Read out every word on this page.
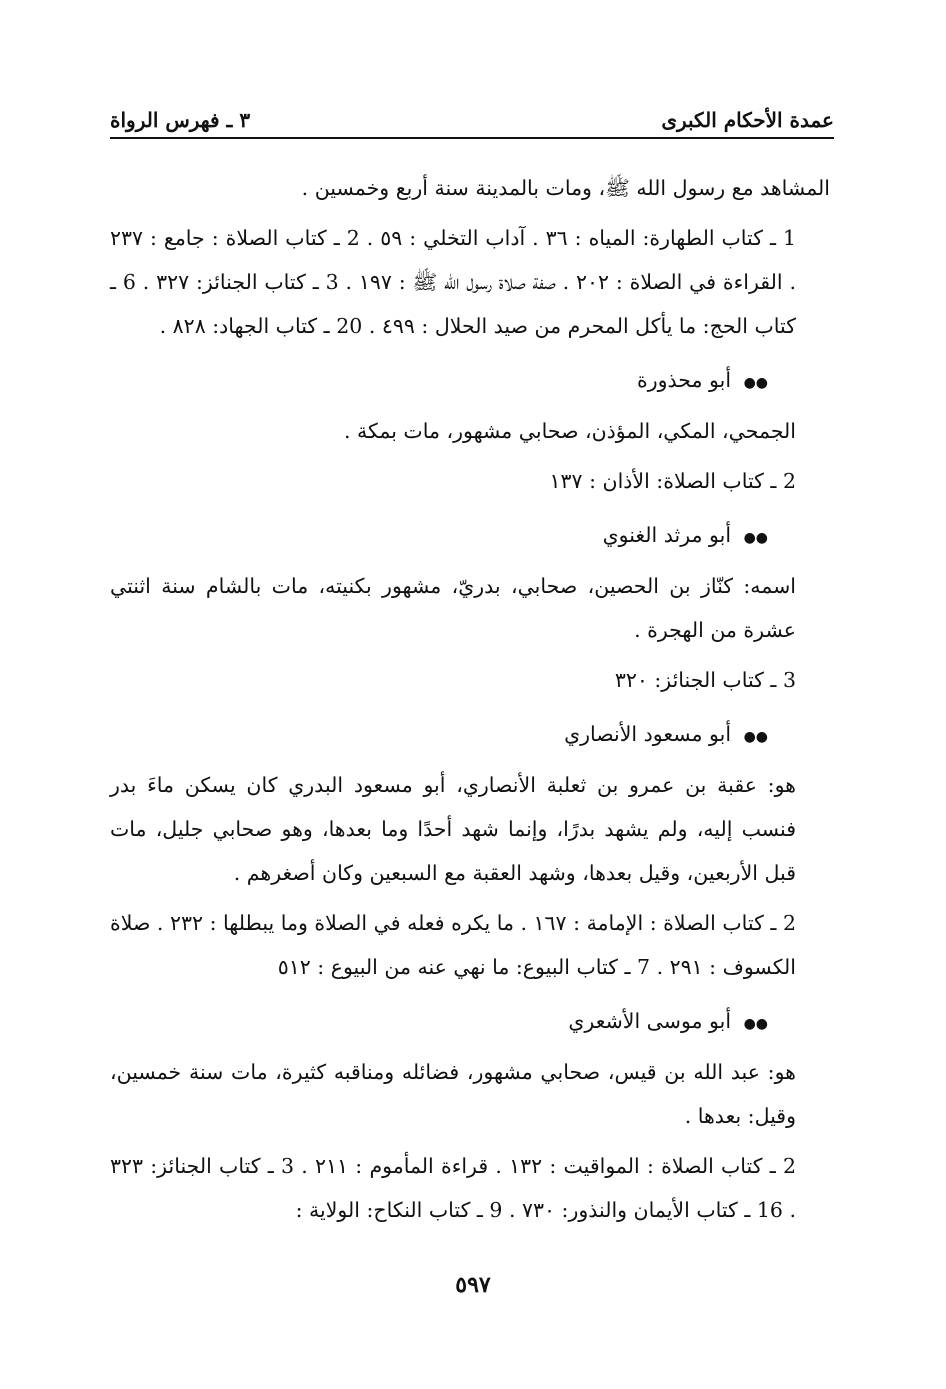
عمدة الأحكام الكبرى
٣ ـ فهرس الرواة

المشاهد مع رسول الله ﷺ، ومات بالمدينة سنة أربع وخمسين .

1 ـ كتاب الطهارة: المياه : ٣٦ . آداب التخلي : ٥٩ . 2 ـ كتاب الصلاة : جامع : ٢٣٧ . القراءة في الصلاة : ٢٠٢ . صفة صلاة رسول الله ﷺ : ١٩٧ . 3 ـ كتاب الجنائز: ٣٢٧ . 6 ـ كتاب الحج: ما يأكل المحرم من صيد الحلال : ٤٩٩ . 20 ـ كتاب الجهاد: ٨٢٨ .

●● أبو محذورة

الجمحي، المكي، المؤذن، صحابي مشهور، مات بمكة .

2 ـ كتاب الصلاة: الأذان : ١٣٧

●● أبو مرثد الغنوي

اسمه: كنّاز بن الحصين، صحابي، بدريّ، مشهور بكنيته، مات بالشام سنة اثنتي عشرة من الهجرة .

3 ـ كتاب الجنائز: ٣٢٠

●● أبو مسعود الأنصاري

هو: عقبة بن عمرو بن ثعلبة الأنصاري، أبو مسعود البدري كان يسكن ماءَ بدر فنسب إليه، ولم يشهد بدرًا، وإنما شهد أحدًا وما بعدها، وهو صحابي جليل، مات قبل الأربعين، وقيل بعدها، وشهد العقبة مع السبعين وكان أصغرهم .

2 ـ كتاب الصلاة : الإمامة : ١٦٧ . ما يكره فعله في الصلاة وما يبطلها : ٢٣٢ . صلاة الكسوف : ٢٩١ . 7 ـ كتاب البيوع: ما نهي عنه من البيوع : ٥١٢

●● أبو موسى الأشعري

هو: عبد الله بن قيس، صحابي مشهور، فضائله ومناقبه كثيرة، مات سنة خمسين، وقيل: بعدها .

2 ـ كتاب الصلاة : المواقيت : ١٣٢ . قراءة المأموم : ٢١١ . 3 ـ كتاب الجنائز: ٣٢٣ . 16 ـ كتاب الأيمان والنذور: ٧٣٠ . 9 ـ كتاب النكاح: الولاية :

٥٩٧
